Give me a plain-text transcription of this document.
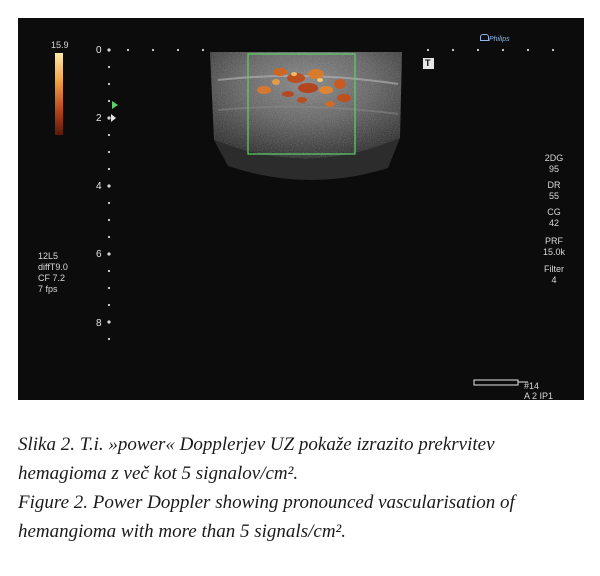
0
2
4
6
8
15.9
T
Philips
12L5
diffT9.0
CF 7.2
7 fps
2DG
95
DR
55
CG
42
PRF
15.0k
Filter
4
#14
A 2 IP1
Slika 2. T.i. »power« Dopplerjev UZ pokaže izrazito prekrvitev
hemagioma z več kot 5 signalov/cm².
Figure 2. Power Doppler showing pronounced vascularisation of
hemangioma with more than 5 signals/cm².
